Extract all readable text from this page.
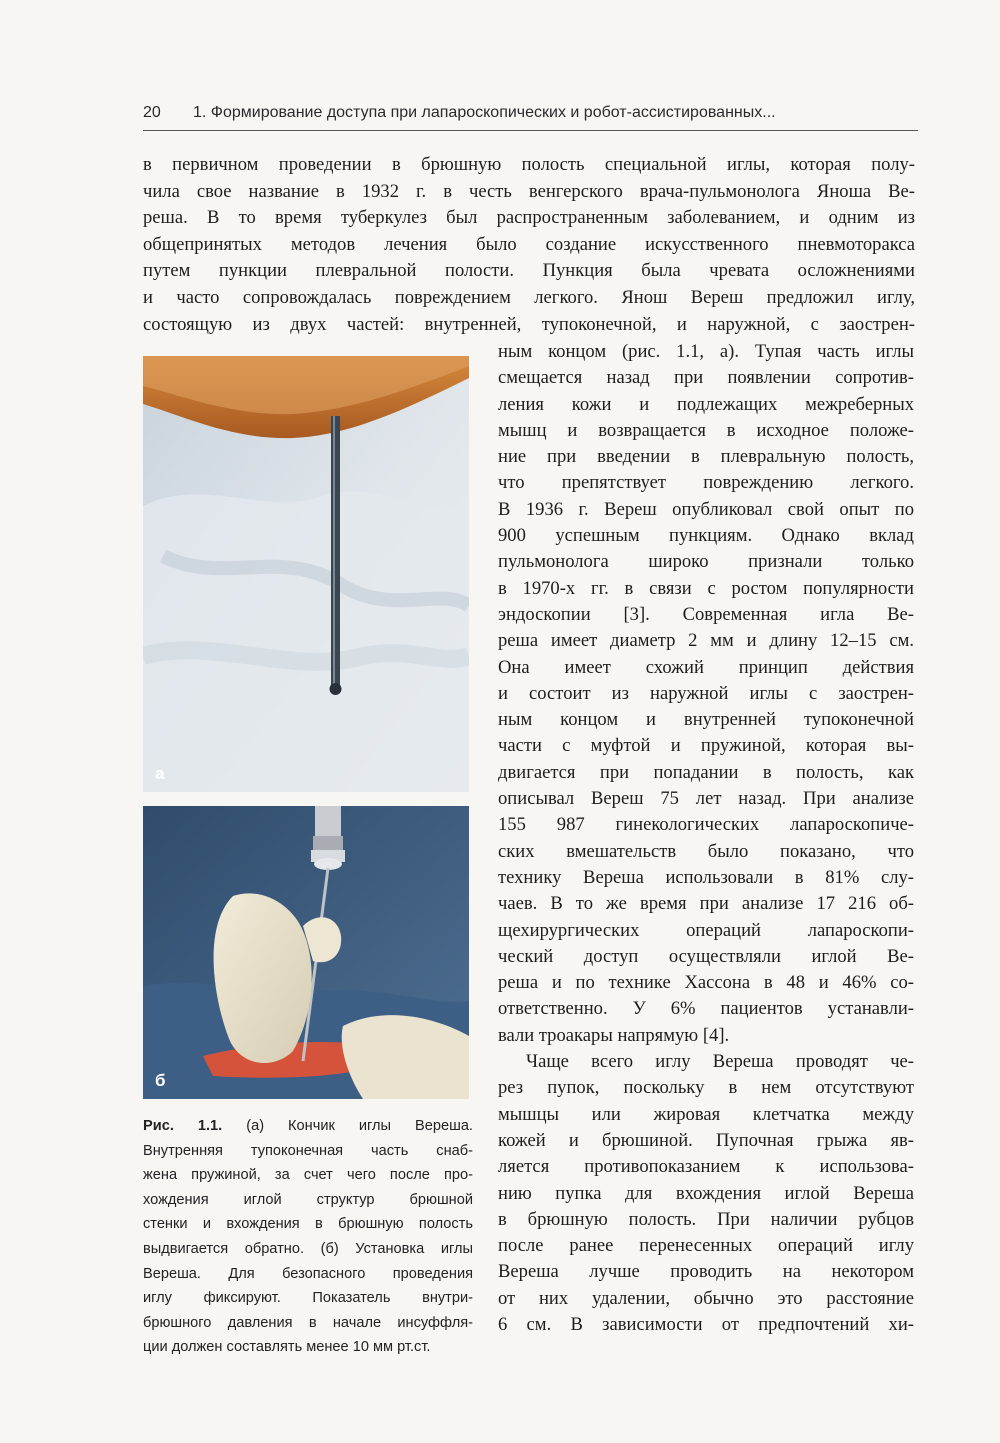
20 1. Формирование доступа при лапароскопических и робот-ассистированных...
в первичном проведении в брюшную полость специальной иглы, которая полу-
чила свое название в 1932 г. в честь венгерского врача-пульмонолога Яноша Ве-
реша. В то время туберкулез был распространенным заболеванием, и одним из
общепринятых методов лечения было создание искусственного пневмоторакса
путем пункции плевральной полости. Пункция была чревата осложнениями
и часто сопровождалась повреждением легкого. Янош Вереш предложил иглу,
состоящую из двух частей: внутренней, тупоконечной, и наружной, с заострен-
а
б
Рис. 1.1. (а) Кончик иглы Вереша.
Внутренняя тупоконечная часть снаб-
жена пружиной, за счет чего после про-
хождения иглой структур брюшной
стенки и вхождения в брюшную полость
выдвигается обратно. (б) Установка иглы
Вереша. Для безопасного проведения
иглу фиксируют. Показатель внутри-
брюшного давления в начале инсуффля-
ции должен составлять менее 10 мм рт.ст.
ным концом (рис. 1.1, а). Тупая часть иглы
смещается назад при появлении сопротив-
ления кожи и подлежащих межреберных
мышц и возвращается в исходное положе-
ние при введении в плевральную полость,
что препятствует повреждению легкого.
В 1936 г. Вереш опубликовал свой опыт по
900 успешным пункциям. Однако вклад
пульмонолога широко признали только
в 1970-х гг. в связи с ростом популярности
эндоскопии [3]. Современная игла Ве-
реша имеет диаметр 2 мм и длину 12–15 см.
Она имеет схожий принцип действия
и состоит из наружной иглы с заострен-
ным концом и внутренней тупоконечной
части с муфтой и пружиной, которая вы-
двигается при попадании в полость, как
описывал Вереш 75 лет назад. При анализе
155 987 гинекологических лапароскопиче-
ских вмешательств было показано, что
технику Вереша использовали в 81% слу-
чаев. В то же время при анализе 17 216 об-
щехирургических операций лапароскопи-
ческий доступ осуществляли иглой Ве-
реша и по технике Хассона в 48 и 46% со-
ответственно. У 6% пациентов устанавли-
вали троакары напрямую [4].
Чаще всего иглу Вереша проводят че-
рез пупок, поскольку в нем отсутствуют
мышцы или жировая клетчатка между
кожей и брюшиной. Пупочная грыжа яв-
ляется противопоказанием к использова-
нию пупка для вхождения иглой Вереша
в брюшную полость. При наличии рубцов
после ранее перенесенных операций иглу
Вереша лучше проводить на некотором
от них удалении, обычно это расстояние
6 см. В зависимости от предпочтений хи-
